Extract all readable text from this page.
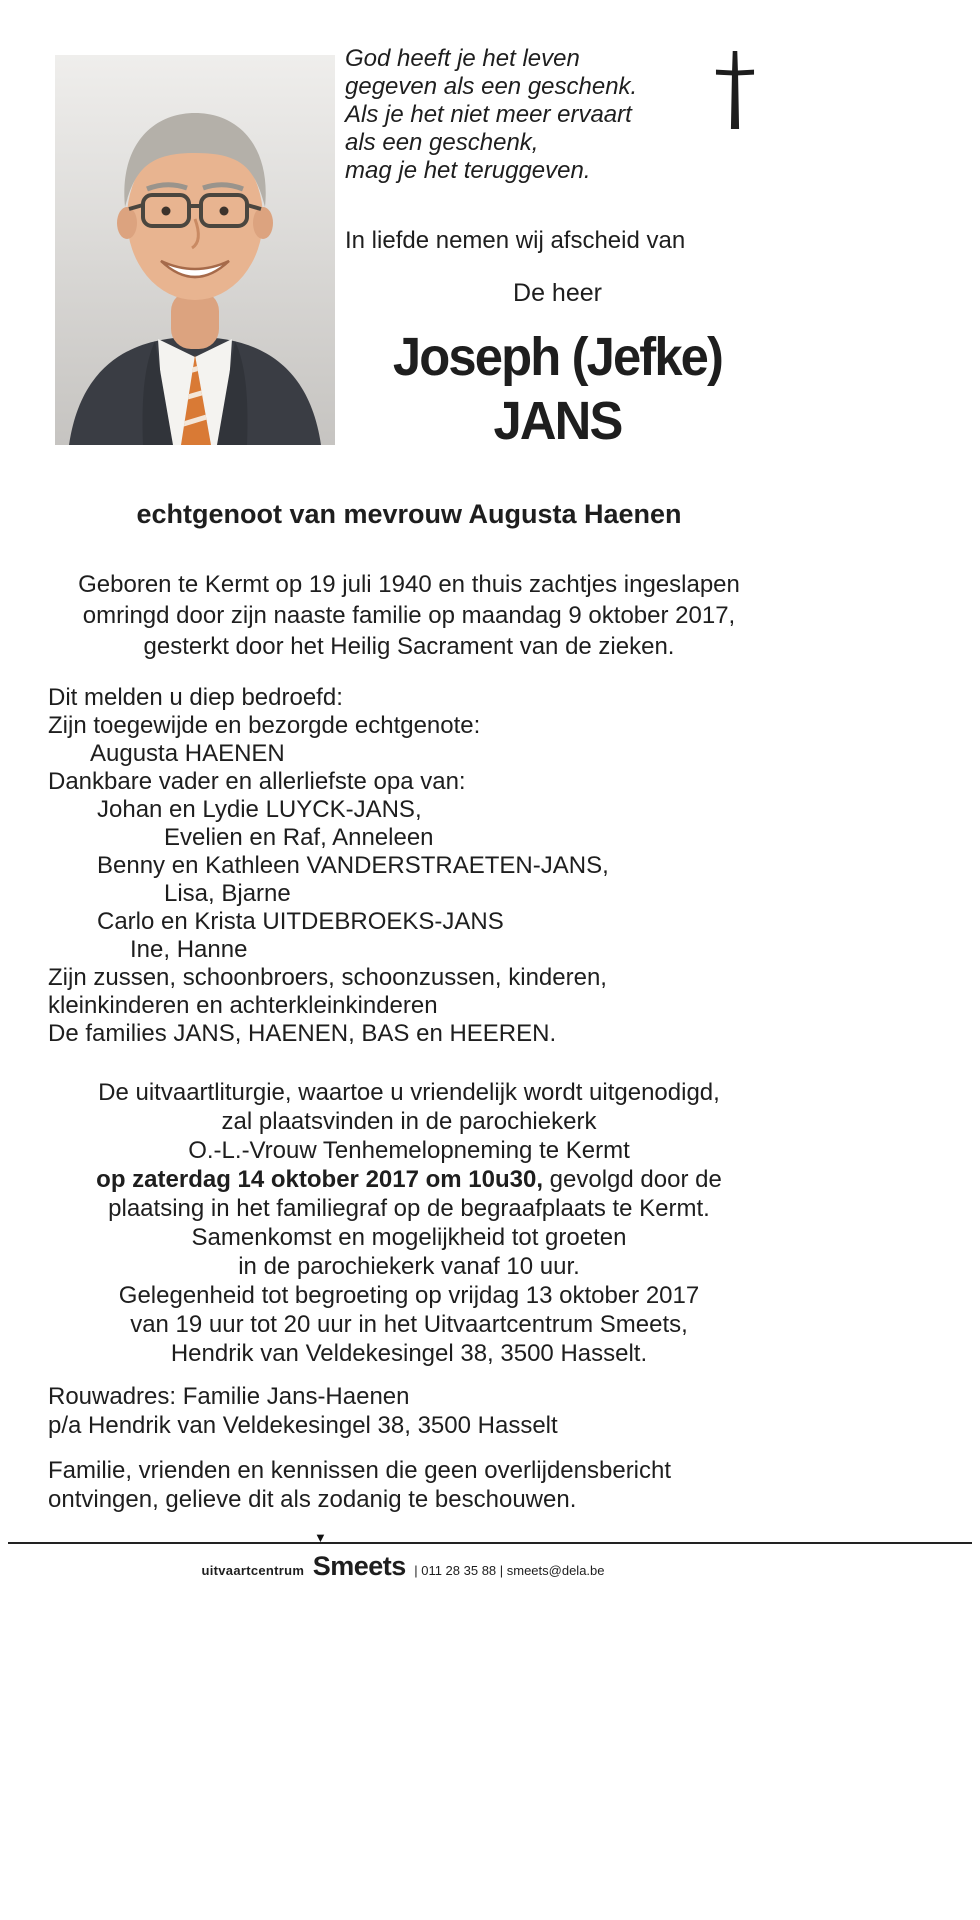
God heeft je het leven
gegeven als een geschenk.
Als je het niet meer ervaart
als een geschenk,
mag je het teruggeven.
In liefde nemen wij afscheid van
De heer
Joseph (Jefke)
JANS
echtgenoot van mevrouw Augusta Haenen
Geboren te Kermt op 19 juli 1940 en thuis zachtjes ingeslapen
omringd door zijn naaste familie op maandag 9 oktober 2017,
gesterkt door het Heilig Sacrament van de zieken.
Dit melden u diep bedroefd:
Zijn toegewijde en bezorgde echtgenote:
Augusta HAENEN
Dankbare vader en allerliefste opa van:
Johan en Lydie LUYCK-JANS,
Evelien en Raf, Anneleen
Benny en Kathleen VANDERSTRAETEN-JANS,
Lisa, Bjarne
Carlo en Krista UITDEBROEKS-JANS
Ine, Hanne
Zijn zussen, schoonbroers, schoonzussen, kinderen,
kleinkinderen en achterkleinkinderen
De families JANS, HAENEN, BAS en HEEREN.
De uitvaartliturgie, waartoe u vriendelijk wordt uitgenodigd,
zal plaatsvinden in de parochiekerk
O.-L.-Vrouw Tenhemelopneming te Kermt
op zaterdag 14 oktober 2017 om 10u30, gevolgd door de
plaatsing in het familiegraf op de begraafplaats te Kermt.
Samenkomst en mogelijkheid tot groeten
in de parochiekerk vanaf 10 uur.
Gelegenheid tot begroeting op vrijdag 13 oktober 2017
van 19 uur tot 20 uur in het Uitvaartcentrum Smeets,
Hendrik van Veldekesingel 38, 3500 Hasselt.
Rouwadres: Familie Jans-Haenen
p/a Hendrik van Veldekesingel 38, 3500 Hasselt
Familie, vrienden en kennissen die geen overlijdensbericht
ontvingen, gelieve dit als zodanig te beschouwen.
▼
uitvaartcentrum Smeets | 011 28 35 88 | smeets@dela.be
